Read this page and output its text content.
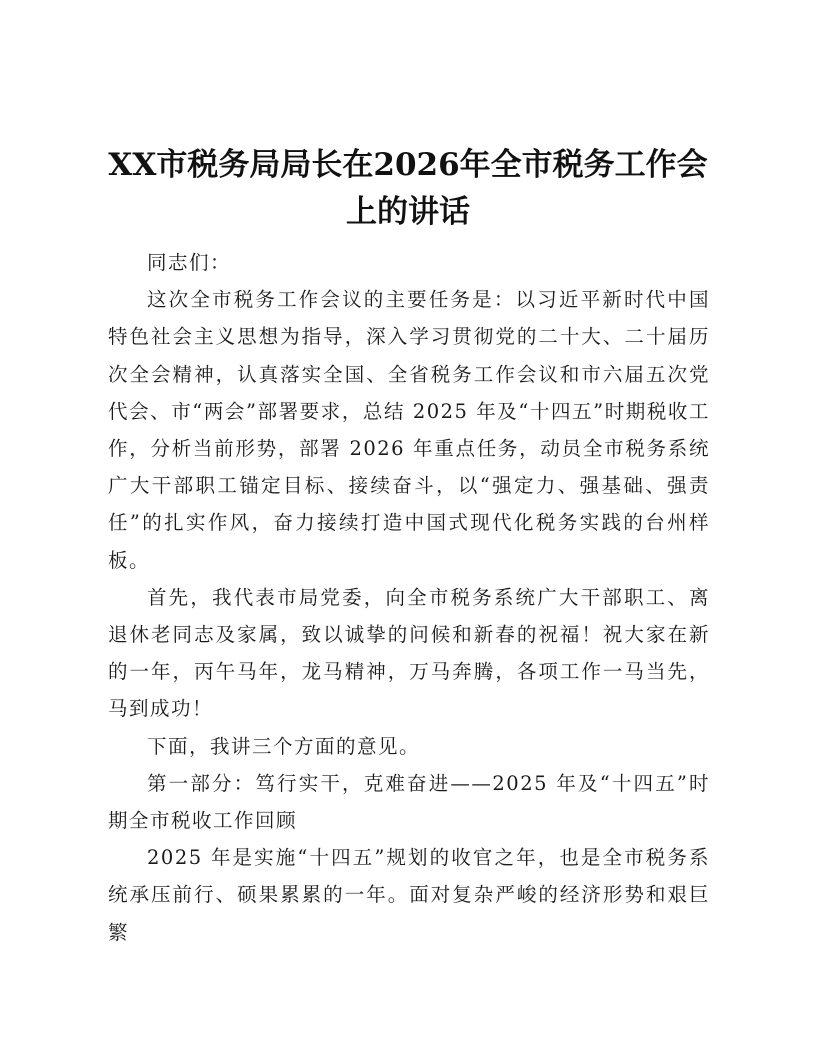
XX市税务局局长在2026年全市税务工作会上的讲话

同志们：

这次全市税务工作会议的主要任务是：以习近平新时代中国特色社会主义思想为指导，深入学习贯彻党的二十大、二十届历次全会精神，认真落实全国、全省税务工作会议和市六届五次党代会、市“两会”部署要求，总结 2025 年及“十四五”时期税收工作，分析当前形势，部署 2026 年重点任务，动员全市税务系统广大干部职工锚定目标、接续奋斗，以“强定力、强基础、强责任”的扎实作风，奋力接续打造中国式现代化税务实践的台州样板。

首先，我代表市局党委，向全市税务系统广大干部职工、离退休老同志及家属，致以诚挚的问候和新春的祝福！祝大家在新的一年，丙午马年，龙马精神，万马奔腾，各项工作一马当先，马到成功！

下面，我讲三个方面的意见。

第一部分：笃行实干，克难奋进——2025 年及“十四五”时期全市税收工作回顾

2025 年是实施“十四五”规划的收官之年，也是全市税务系统承压前行、硕果累累的一年。面对复杂严峻的经济形势和艰巨繁
